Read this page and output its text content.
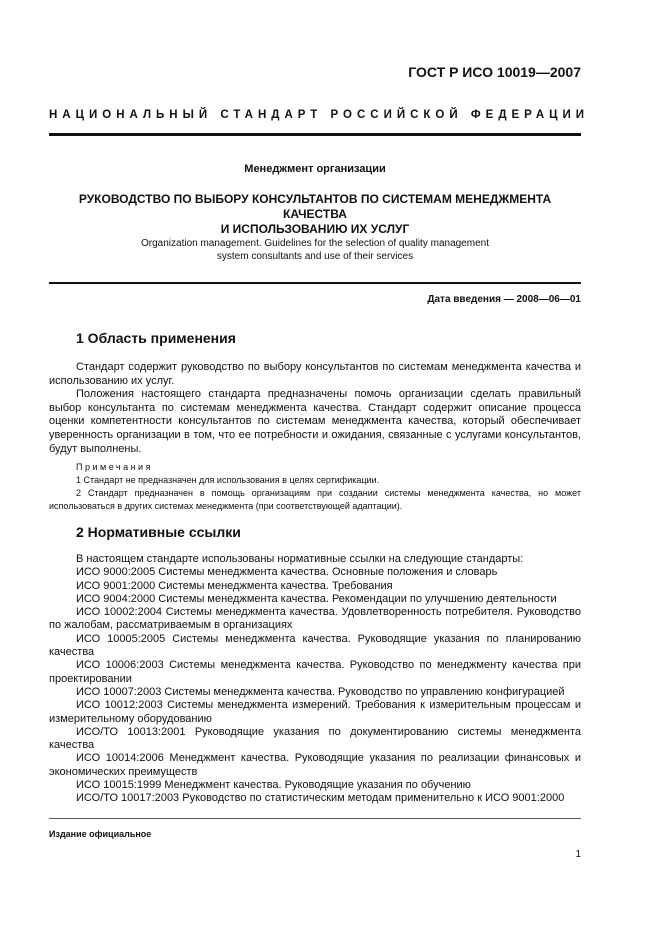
ГОСТ Р ИСО 10019—2007
НАЦИОНАЛЬНЫЙ СТАНДАРТ РОССИЙСКОЙ ФЕДЕРАЦИИ
Менеджмент организации
РУКОВОДСТВО ПО ВЫБОРУ КОНСУЛЬТАНТОВ ПО СИСТЕМАМ МЕНЕДЖМЕНТА КАЧЕСТВА
И ИСПОЛЬЗОВАНИЮ ИХ УСЛУГ
Organization management. Guidelines for the selection of quality management
system consultants and use of their services
Дата введения — 2008—06—01
1 Область применения

Стандарт содержит руководство по выбору консультантов по системам менеджмента качества и использованию их услуг.

Положения настоящего стандарта предназначены помочь организации сделать правильный выбор консультанта по системам менеджмента качества. Стандарт содержит описание процесса оценки компетентности консультантов по системам менеджмента качества, который обеспечивает уверенность организации в том, что ее потребности и ожидания, связанные с услугами консультантов, будут выполнены.

Примечания

1 Стандарт не предназначен для использования в целях сертификации.

2 Стандарт предназначен в помощь организациям при создании системы менеджмента качества, но может использоваться в других системах менеджмента (при соответствующей адаптации).

2 Нормативные ссылки

В настоящем стандарте использованы нормативные ссылки на следующие стандарты:

ИСО 9000:2005 Системы менеджмента качества. Основные положения и словарь

ИСО 9001:2000 Системы менеджмента качества. Требования

ИСО 9004:2000 Системы менеджмента качества. Рекомендации по улучшению деятельности

ИСО 10002:2004 Системы менеджмента качества. Удовлетворенность потребителя. Руководство по жалобам, рассматриваемым в организациях

ИСО 10005:2005 Системы менеджмента качества. Руководящие указания по планированию качества

ИСО 10006:2003 Системы менеджмента качества. Руководство по менеджменту качества при проектировании

ИСО 10007:2003 Системы менеджмента качества. Руководство по управлению конфигурацией

ИСО 10012:2003 Системы менеджмента измерений. Требования к измерительным процессам и измерительному оборудованию

ИСО/ТО 10013:2001 Руководящие указания по документированию системы менеджмента качества

ИСО 10014:2006 Менеджмент качества. Руководящие указания по реализации финансовых и экономических преимуществ

ИСО 10015:1999 Менеджмент качества. Руководящие указания по обучению

ИСО/ТО 10017:2003 Руководство по статистическим методам применительно к ИСО 9001:2000

Издание официальное
1
